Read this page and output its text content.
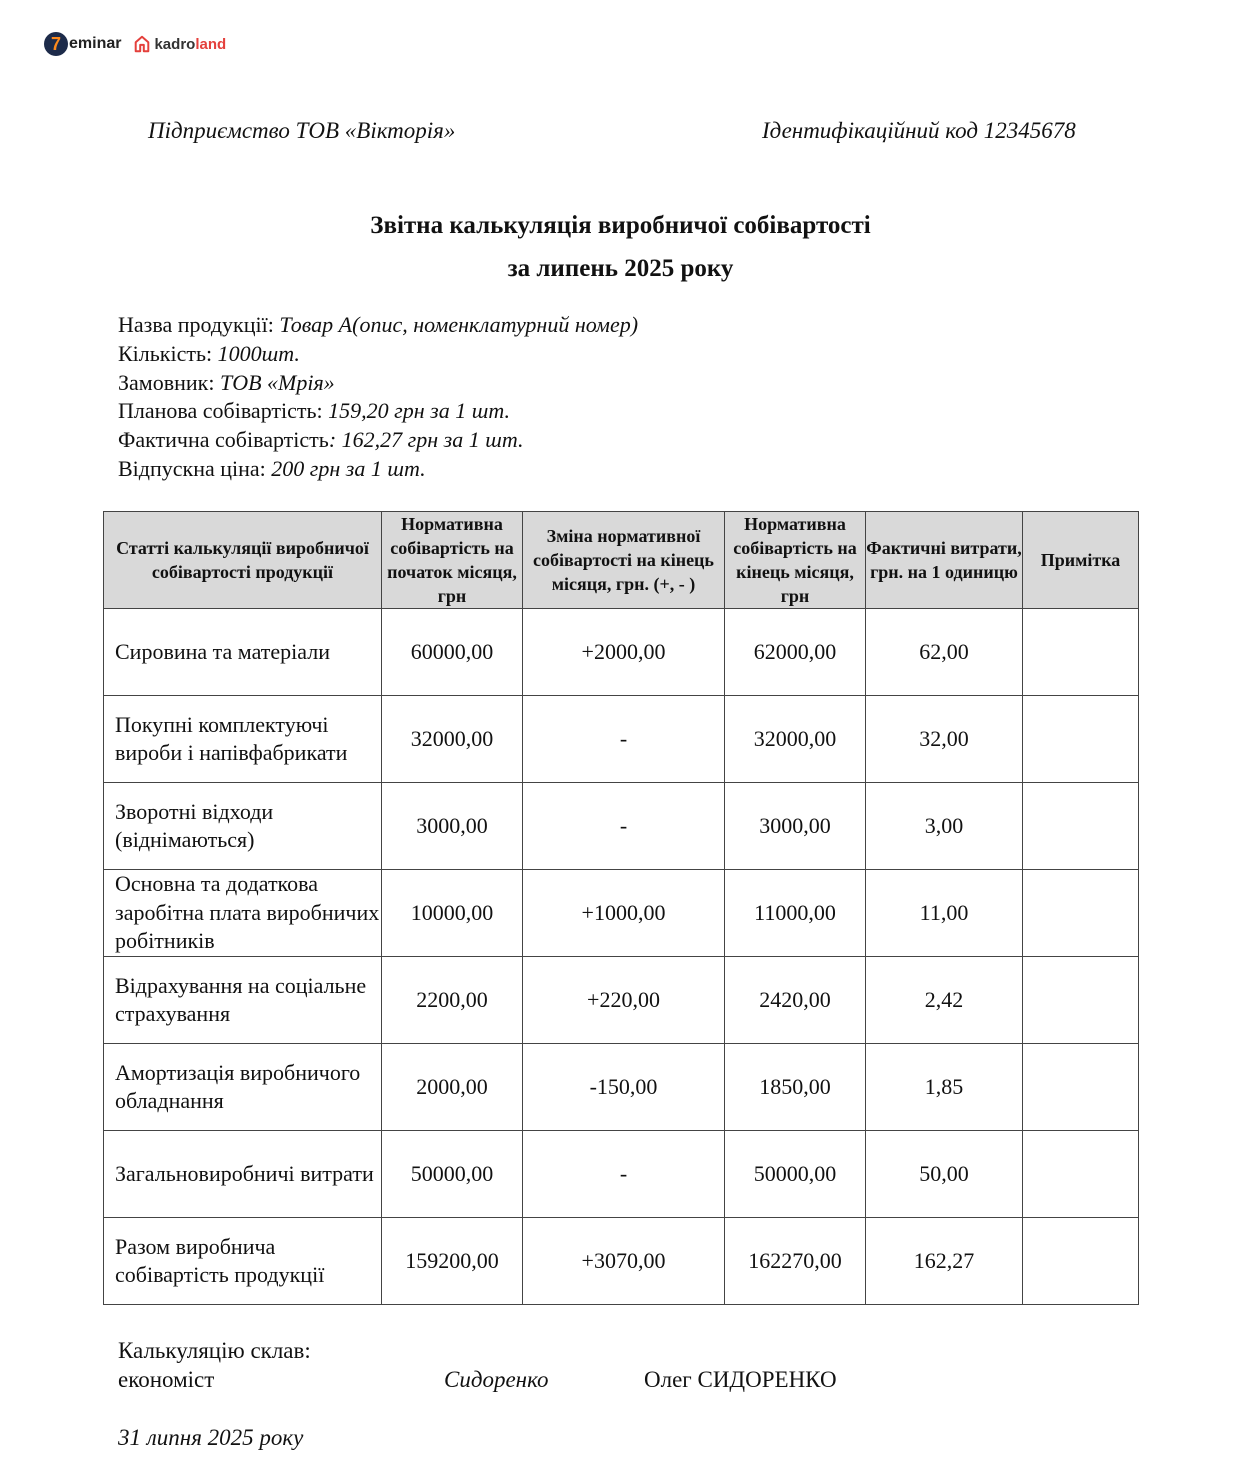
7 eminar kadro land
Підприємство ТОВ «Вікторія»	Ідентифікаційний код 12345678
Звітна калькуляція виробничої собівартості
за липень 2025 року
Назва продукції: Товар А(опис, номенклатурний номер)
Кількість: 1000шт.
Замовник: ТОВ «Мрія»
Планова собівартість: 159,20 грн за 1 шт.
Фактична собівартість: 162,27 грн за 1 шт.
Відпускна ціна: 200 грн за 1 шт.
Статті калькуляції виробничої собівартості продукції	Нормативна собівартість на початок місяця, грн	Зміна нормативної собівартості на кінець місяця, грн. (+, - )	Нормативна собівартість на кінець місяця, грн	Фактичні витрати, грн. на 1 одиницю	Примітка
Сировина та матеріали	60000,00	+2000,00	62000,00	62,00	
Покупні комплектуючі вироби і напівфабрикати	32000,00	-	32000,00	32,00	
Зворотні відходи (віднімаються)	3000,00	-	3000,00	3,00	
Основна та додаткова заробітна плата виробничих робітників	10000,00	+1000,00	11000,00	11,00	
Відрахування на соціальне страхування	2200,00	+220,00	2420,00	2,42	
Амортизація виробничого обладнання	2000,00	-150,00	1850,00	1,85	
Загальновиробничі витрати	50000,00	-	50000,00	50,00	
Разом виробнича собівартість продукції	159200,00	+3070,00	162270,00	162,27	
Калькуляцію склав:
економіст	Сидоренко	Олег СИДОРЕНКО
31 липня 2025 року
